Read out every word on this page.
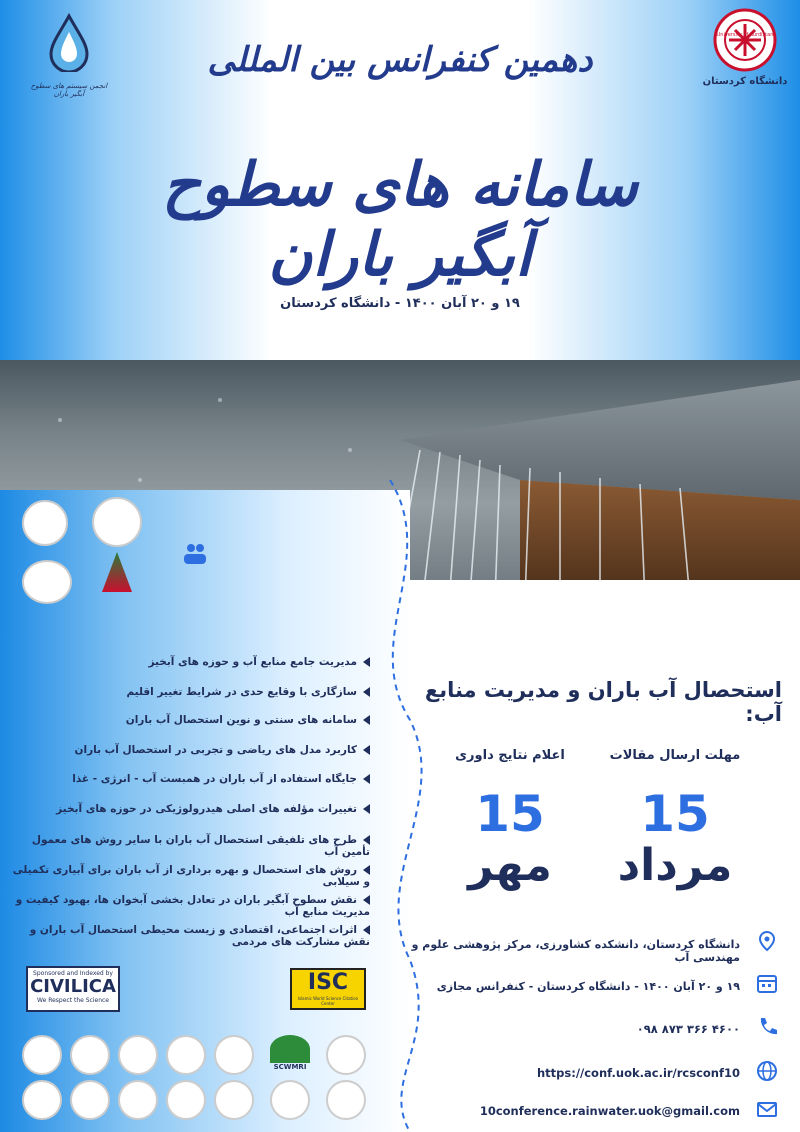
انجمن سیستم های سطوح آبگیر باران
University of Kurdistan
دانشگاه کردستان
دهمین کنفرانس بین المللی
سامانه های سطوح آبگیر باران
۱۹ و ۲۰ آبان ۱۴۰۰ - دانشگاه کردستان
مدیریت جامع منابع آب و حوزه های آبخیز
سازگاری با وقایع حدی در شرایط تغییر اقلیم
سامانه های سنتی و نوین استحصال آب باران
کاربرد مدل های ریاضی و تجربی در استحصال آب باران
جایگاه استفاده از آب باران در همبست آب - انرژی - غذا
تغییرات مؤلفه های اصلی هیدرولوژیکی در حوزه های آبخیز
طرح های تلفیقی استحصال آب باران با سایر روش های معمول تأمین آب
روش های استحصال و بهره برداری از آب باران برای آبیاری تکمیلی و سیلابی
نقش سطوح آبگیر باران در تعادل بخشی آبخوان ها، بهبود کیفیت و مدیریت منابع آب
اثرات اجتماعی، اقتصادی و زیست محیطی استحصال آب باران و نقش مشارکت های مردمی
استحصال آب باران و مدیریت منابع آب:
مهلت ارسال مقالات
15
مرداد
اعلام نتایج داوری
15
مهر
دانشگاه کردستان، دانشکده کشاورزی، مرکز پژوهشی علوم و مهندسی آب
۱۹ و ۲۰ آبان ۱۴۰۰ - دانشگاه کردستان - کنفرانس مجازی
۰۹۸ ۸۷۳ ۳۶۶ ۴۶۰۰
https://conf.uok.ac.ir/rcsconf10
10conference.rainwater.uok@gmail.com
Sponsored and Indexed by
CIVILICA
We Respect the Science
ISC
Islamic World Science Citation Center
SCWMRI
